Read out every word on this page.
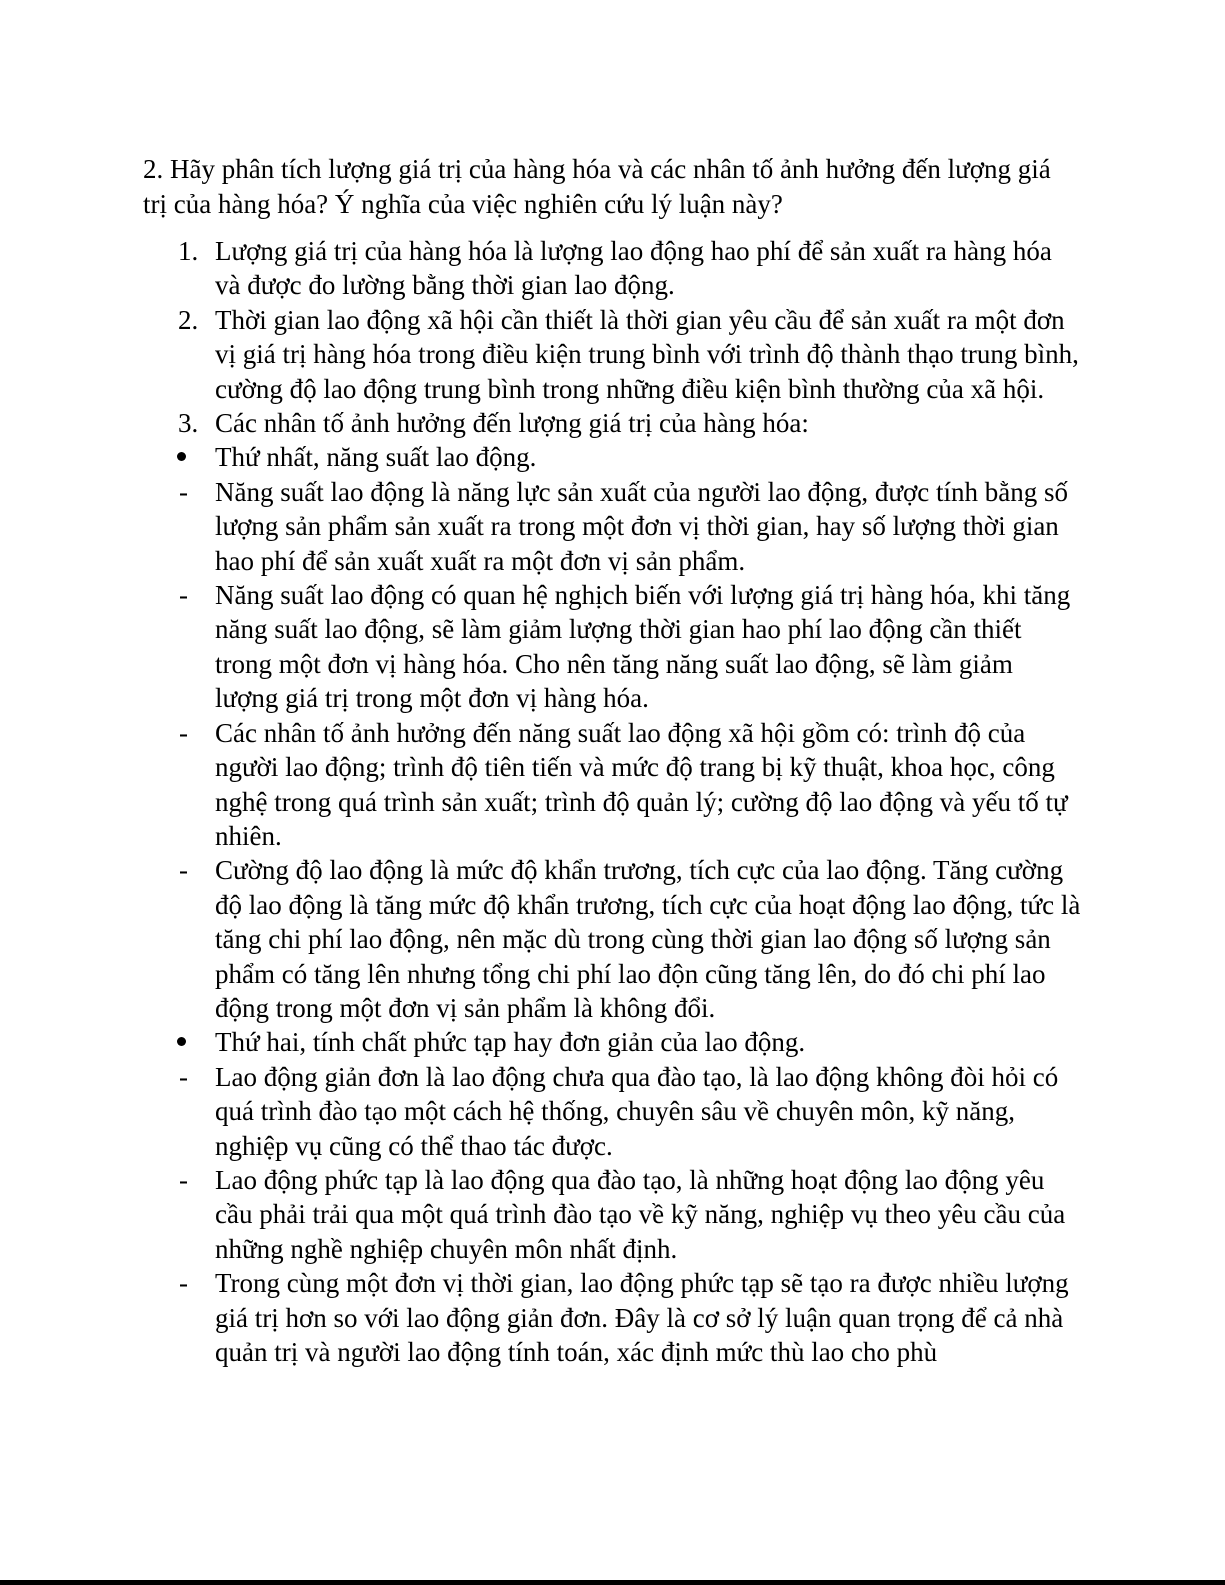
2. Hãy phân tích lượng giá trị của hàng hóa và các nhân tố ảnh hưởng đến lượng giá trị của hàng hóa? Ý nghĩa của việc nghiên cứu lý luận này?

1. Lượng giá trị của hàng hóa là lượng lao động hao phí để sản xuất ra hàng hóa và được đo lường bằng thời gian lao động.
2. Thời gian lao động xã hội cần thiết là thời gian yêu cầu để sản xuất ra một đơn vị giá trị hàng hóa trong điều kiện trung bình với trình độ thành thạo trung bình, cường độ lao động trung bình trong những điều kiện bình thường của xã hội.
3. Các nhân tố ảnh hưởng đến lượng giá trị của hàng hóa:
Thứ nhất, năng suất lao động.
-	Năng suất lao động là năng lực sản xuất của người lao động, được tính bằng số lượng sản phẩm sản xuất ra trong một đơn vị thời gian, hay số lượng thời gian hao phí để sản xuất xuất ra một đơn vị sản phẩm.
-	Năng suất lao động có quan hệ nghịch biến với lượng giá trị hàng hóa, khi tăng năng suất lao động, sẽ làm giảm lượng thời gian hao phí lao động cần thiết trong một đơn vị hàng hóa. Cho nên tăng năng suất lao động, sẽ làm giảm lượng giá trị trong một đơn vị hàng hóa.
-	Các nhân tố ảnh hưởng đến năng suất lao động xã hội gồm có: trình độ của người lao động; trình độ tiên tiến và mức độ trang bị kỹ thuật, khoa học, công nghệ trong quá trình sản xuất; trình độ quản lý; cường độ lao động và yếu tố tự nhiên.
-	Cường độ lao động là mức độ khẩn trương, tích cực của lao động. Tăng cường độ lao động là tăng mức độ khẩn trương, tích cực của hoạt động lao động, tức là tăng chi phí lao động, nên mặc dù trong cùng thời gian lao động số lượng sản phẩm có tăng lên nhưng tổng chi phí lao độn cũng tăng lên, do đó chi phí lao động trong một đơn vị sản phẩm là không đổi.
Thứ hai, tính chất phức tạp hay đơn giản của lao động.
-	Lao động giản đơn là lao động chưa qua đào tạo, là lao động không đòi hỏi có quá trình đào tạo một cách hệ thống, chuyên sâu về chuyên môn, kỹ năng, nghiệp vụ cũng có thể thao tác được.
-	Lao động phức tạp là lao động qua đào tạo, là những hoạt động lao động yêu cầu phải trải qua một quá trình đào tạo về kỹ năng, nghiệp vụ theo yêu cầu của những nghề nghiệp chuyên môn nhất định.
-	Trong cùng một đơn vị thời gian, lao động phức tạp sẽ tạo ra được nhiều lượng giá trị hơn so với lao động giản đơn. Đây là cơ sở lý luận quan trọng để cả nhà quản trị và người lao động tính toán, xác định mức thù lao cho phù
